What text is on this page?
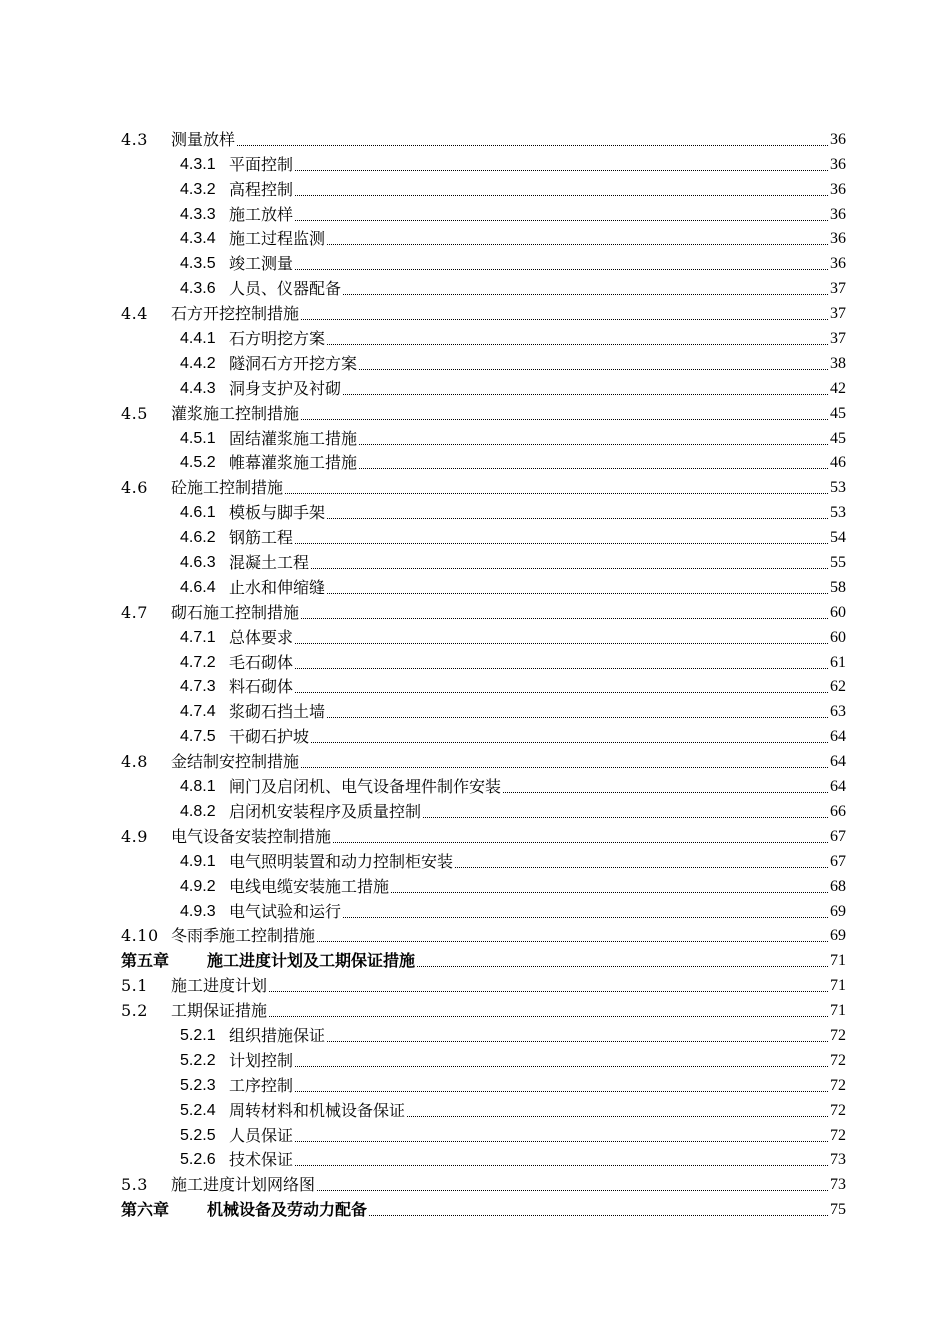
4.3	测量放样	36
4.3.1 平面控制	36
4.3.2 高程控制	36
4.3.3 施工放样	36
4.3.4 施工过程监测	36
4.3.5 竣工测量	36
4.3.6 人员、仪器配备	37
4.4	石方开挖控制措施	37
4.4.1 石方明挖方案	37
4.4.2 隧洞石方开挖方案	38
4.4.3 洞身支护及衬砌	42
4.5	灌浆施工控制措施	45
4.5.1 固结灌浆施工措施	45
4.5.2 帷幕灌浆施工措施	46
4.6	砼施工控制措施	53
4.6.1 模板与脚手架	53
4.6.2 钢筋工程	54
4.6.3 混凝土工程	55
4.6.4 止水和伸缩缝	58
4.7	砌石施工控制措施	60
4.7.1 总体要求	60
4.7.2 毛石砌体	61
4.7.3 料石砌体	62
4.7.4 浆砌石挡土墙	63
4.7.5 干砌石护坡	64
4.8	金结制安控制措施	64
4.8.1 闸门及启闭机、电气设备埋件制作安装	64
4.8.2 启闭机安装程序及质量控制	66
4.9	电气设备安装控制措施	67
4.9.1 电气照明装置和动力控制柜安装	67
4.9.2 电线电缆安装施工措施	68
4.9.3 电气试验和运行	69
4.10 冬雨季施工控制措施	69
第五章	施工进度计划及工期保证措施	71
5.1	施工进度计划	71
5.2	工期保证措施	71
5.2.1 组织措施保证	72
5.2.2 计划控制	72
5.2.3 工序控制	72
5.2.4 周转材料和机械设备保证	72
5.2.5 人员保证	72
5.2.6 技术保证	73
5.3	施工进度计划网络图	73
第六章	机械设备及劳动力配备	75
